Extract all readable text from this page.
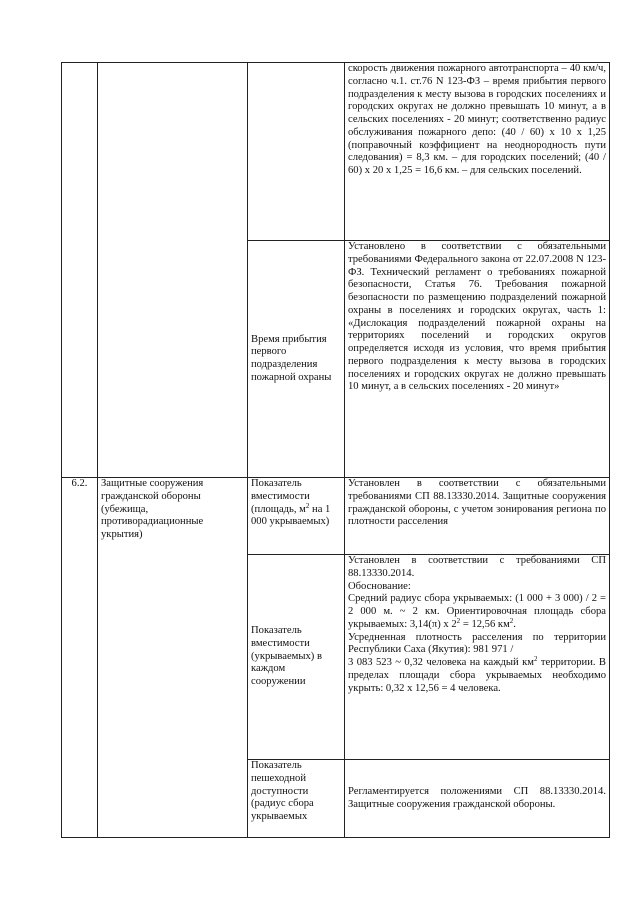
			скорость движения пожарного автотранспорта – 40 км/ч, согласно ч.1. ст.76 N 123-ФЗ – время прибытия первого подразделения к месту вызова в городских поселениях и городских округах не должно превышать 10 минут, а в сельских поселениях - 20 минут; соответственно радиус обслуживания пожарного депо: (40 / 60) х 10 х 1,25 (поправочный коэффициент на неоднородность пути следования) = 8,3 км. – для городских поселений; (40 / 60) х 20 х 1,25 = 16,6 км. – для сельских поселений.

		Время прибытия первого подразделения пожарной охраны	Установлено в соответствии с обязательными требованиями Федерального закона от 22.07.2008 N 123-ФЗ. Технический регламент о требованиях пожарной безопасности, Статья 76. Требования пожарной безопасности по размещению подразделений пожарной охраны в поселениях и городских округах, часть 1: «Дислокация подразделений пожарной охраны на территориях поселений и городских округов определяется исходя из условия, что время прибытия первого подразделения к месту вызова в городских поселениях и городских округах не должно превышать 10 минут, а в сельских поселениях - 20 минут»

6.2.	Защитные сооружения гражданской обороны (убежища, противорадиационные укрытия)	Показатель вместимости (площадь, $м^2$ на 1 000 укрываемых)	Установлен в соответствии с обязательными требованиями СП 88.13330.2014. Защитные сооружения гражданской обороны, с учетом зонирования региона по плотности расселения

		Показатель вместимости (укрываемых) в каждом сооружении	Установлен в соответствии с требованиями СП 88.13330.2014.

Обоснование:

Средний радиус сбора укрываемых: (1 000 + 3 000) / 2 = 2 000 м. ~ 2 км. Ориентировочная площадь сбора укрываемых: 3,14(π) х $2^2 = 12,56$ $км^2$.

Усредненная плотность расселения по территории Республики Саха (Якутия): 981 971 /
3 083 523 ~ 0,32 человека на каждый $км^2$ территории. В пределах площади сбора укрываемых необходимо укрыть: 0,32 х 12,56 = 4 человека.

		Показатель пешеходной доступности (радиус сбора укрываемых	Регламентируется положениями СП 88.13330.2014. Защитные сооружения гражданской обороны.
